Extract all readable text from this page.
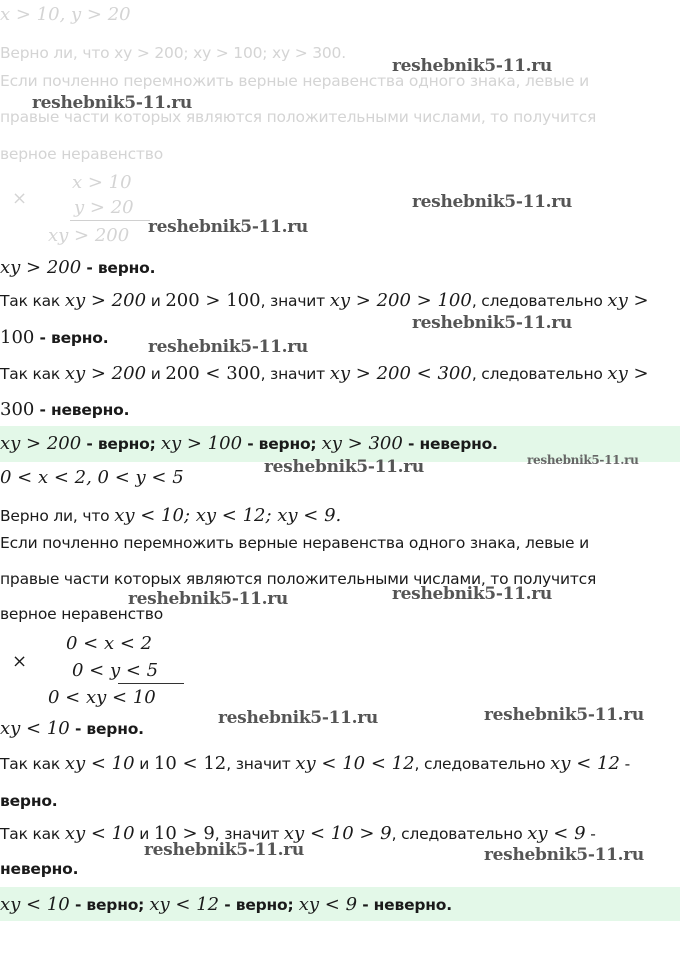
x > 10, y > 20
Верно ли, что xy > 200; xy > 100; xy > 300.
Если почленно перемножить верные неравенства одного знака, левые и
правые части которых являются положительными числами, то получится
верное неравенство
×
x > 10
y > 20
xy > 200
xy > 200 - верно.
Так как xy > 200 и 200 > 100, значит xy > 200 > 100, следовательно xy >
100 - верно.
Так как xy > 200 и 200 < 300, значит xy > 200 < 300, следовательно xy >
300 - неверно.
xy > 200 - верно; xy > 100 - верно; xy > 300 - неверно.
0 < x < 2, 0 < y < 5
Верно ли, что xy < 10; xy < 12; xy < 9.
Если почленно перемножить верные неравенства одного знака, левые и
правые части которых являются положительными числами, то получится
верное неравенство
×
0 < x < 2
0 < y < 5
0 < xy < 10
xy < 10 - верно.
Так как xy < 10 и 10 < 12, значит xy < 10 < 12, следовательно xy < 12 -
верно.
Так как xy < 10 и 10 > 9, значит xy < 10 > 9, следовательно xy < 9 -
неверно.
xy < 10 - верно; xy < 12 - верно; xy < 9 - неверно.
reshebnik5-11.ru
reshebnik5-11.ru
reshebnik5-11.ru
reshebnik5-11.ru
reshebnik5-11.ru
reshebnik5-11.ru
reshebnik5-11.ru	reshebnik5-11.ru
reshebnik5-11.ru	reshebnik5-11.ru
reshebnik5-11.ru	reshebnik5-11.ru
reshebnik5-11.ru	reshebnik5-11.ru
